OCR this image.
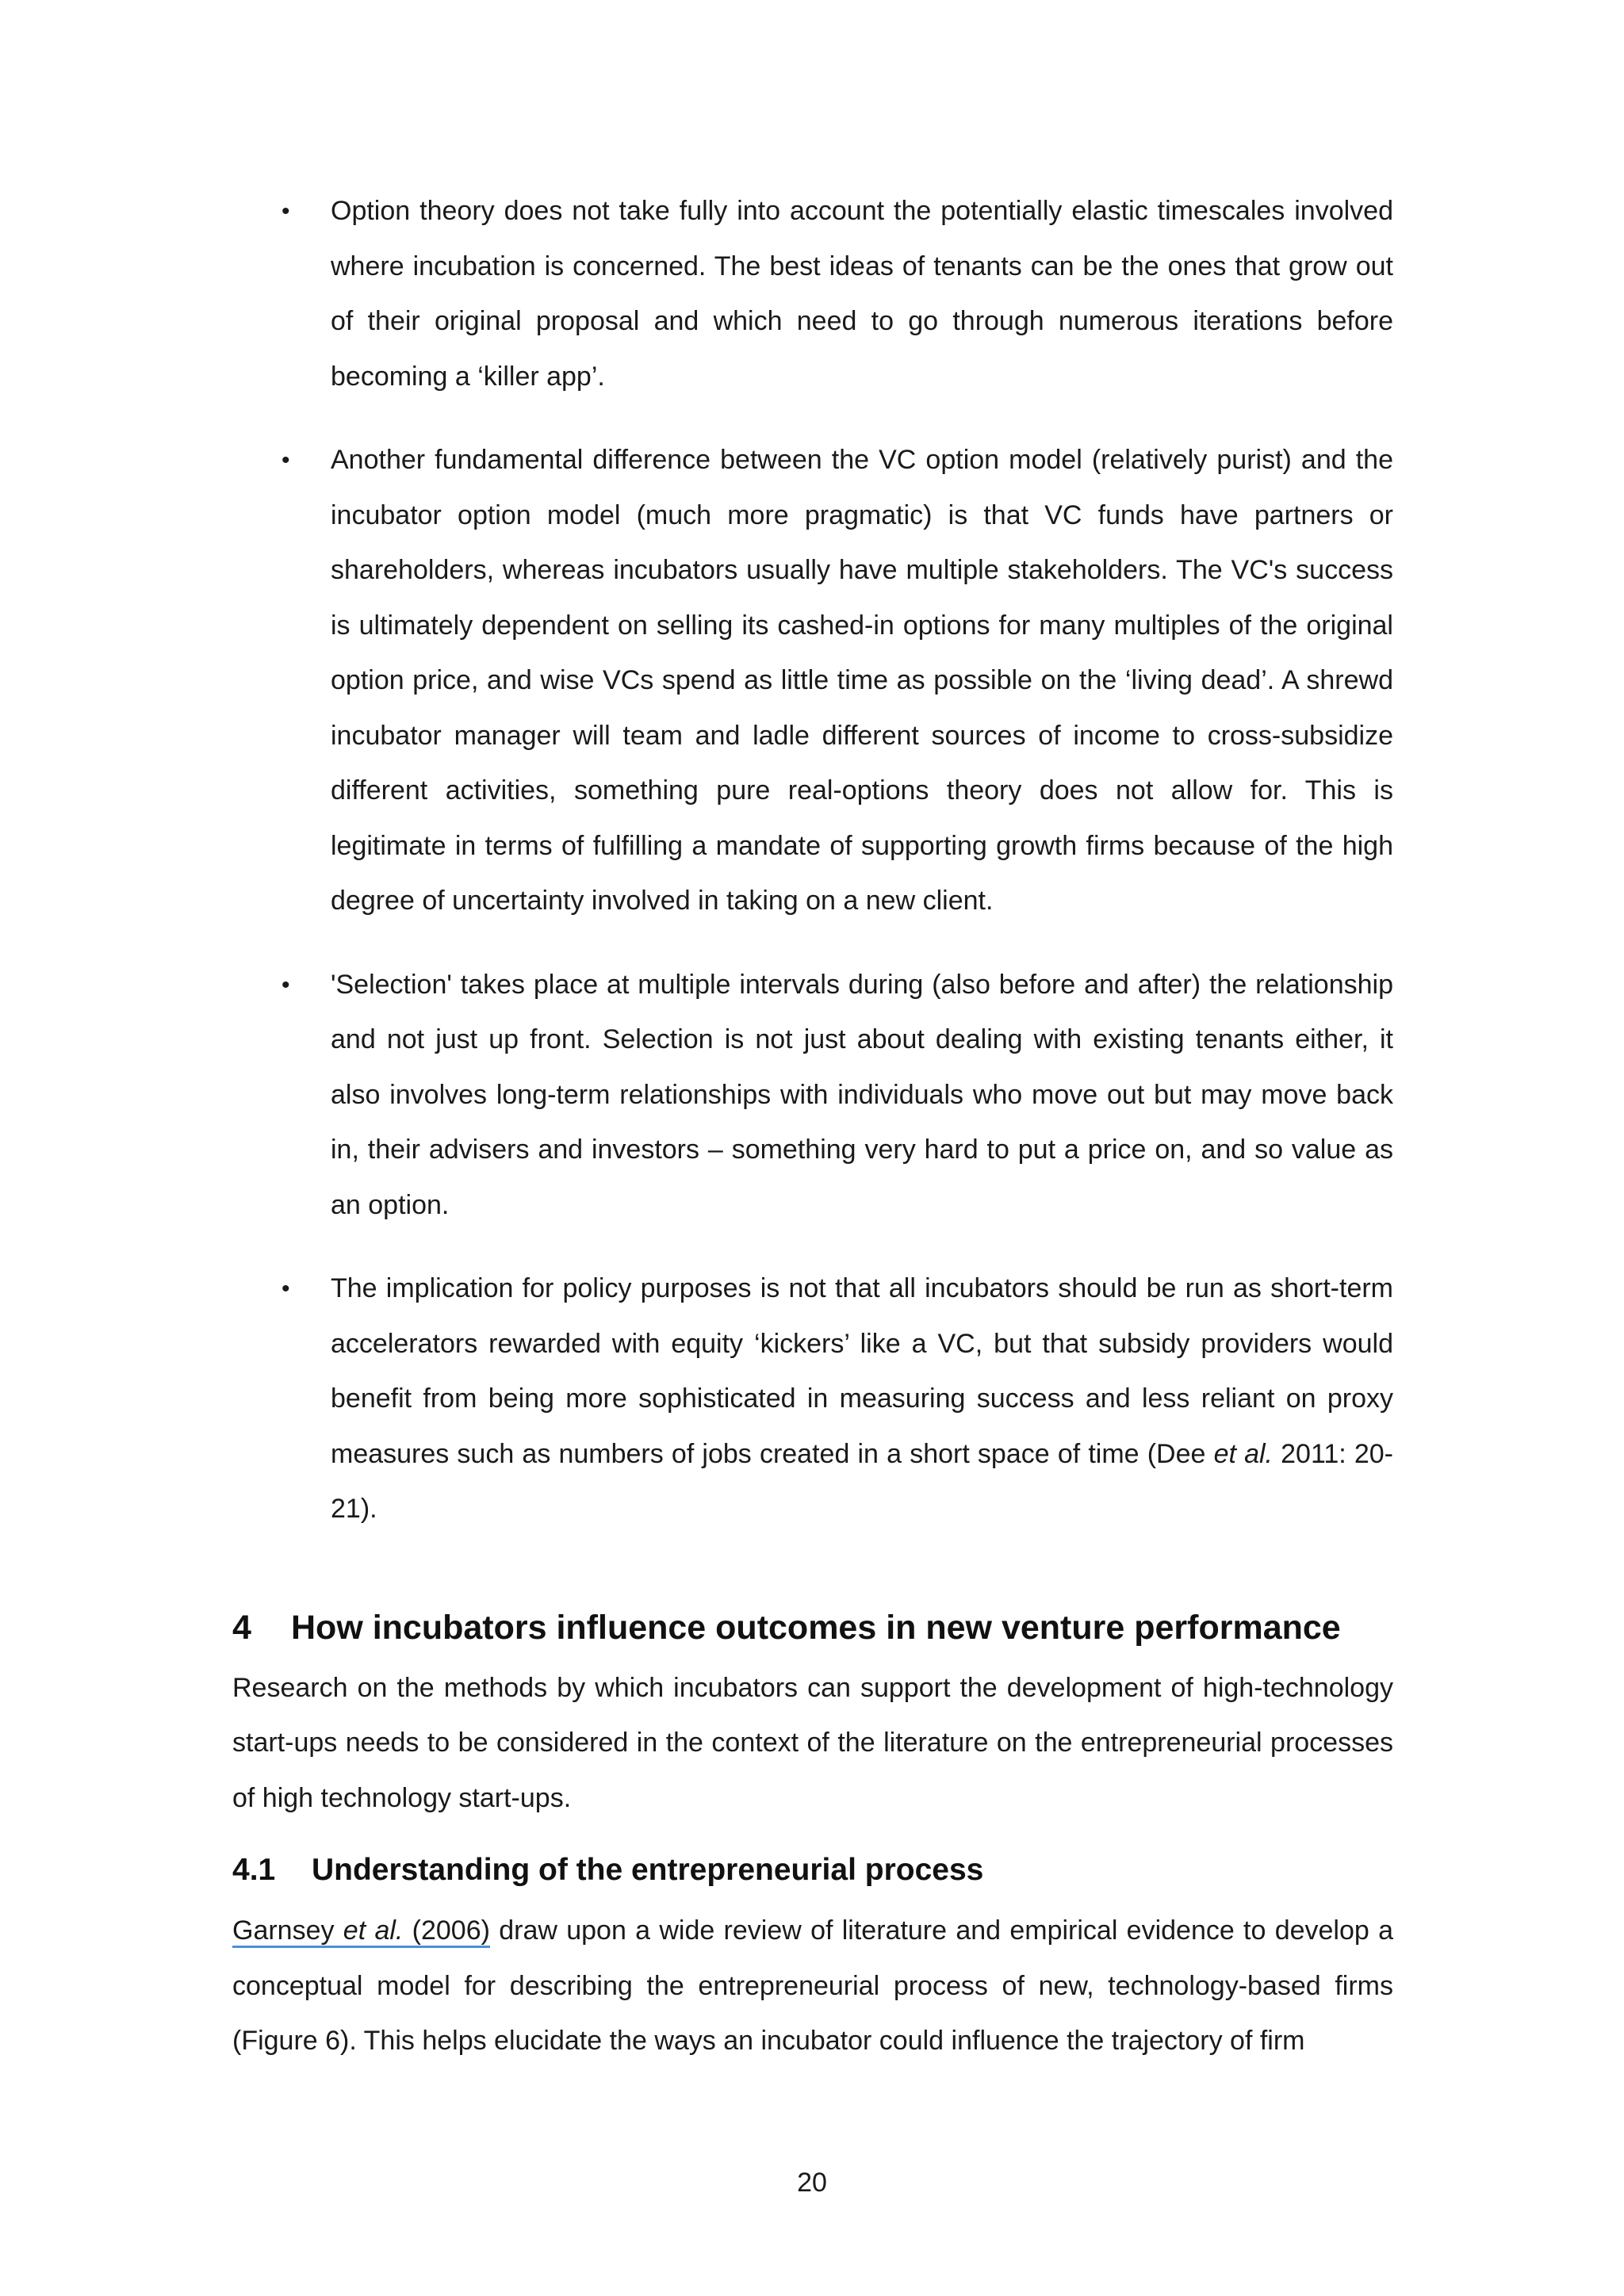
• Option theory does not take fully into account the potentially elastic timescales involved where incubation is concerned. The best ideas of tenants can be the ones that grow out of their original proposal and which need to go through numerous iterations before becoming a ‘killer app’.
• Another fundamental difference between the VC option model (relatively purist) and the incubator option model (much more pragmatic) is that VC funds have partners or shareholders, whereas incubators usually have multiple stakeholders. The VC's success is ultimately dependent on selling its cashed-in options for many multiples of the original option price, and wise VCs spend as little time as possible on the ‘living dead’. A shrewd incubator manager will team and ladle different sources of income to cross-subsidize different activities, something pure real-options theory does not allow for. This is legitimate in terms of fulfilling a mandate of supporting growth firms because of the high degree of uncertainty involved in taking on a new client.
• 'Selection' takes place at multiple intervals during (also before and after) the relationship and not just up front. Selection is not just about dealing with existing tenants either, it also involves long-term relationships with individuals who move out but may move back in, their advisers and investors – something very hard to put a price on, and so value as an option.
• The implication for policy purposes is not that all incubators should be run as short-term accelerators rewarded with equity ‘kickers’ like a VC, but that subsidy providers would benefit from being more sophisticated in measuring success and less reliant on proxy measures such as numbers of jobs created in a short space of time (Dee et al. 2011: 20-21).
4 How incubators influence outcomes in new venture performance

Research on the methods by which incubators can support the development of high-technology start-ups needs to be considered in the context of the literature on the entrepreneurial processes of high technology start-ups.

4.1 Understanding of the entrepreneurial process

Garnsey et al. (2006) draw upon a wide review of literature and empirical evidence to develop a conceptual model for describing the entrepreneurial process of new, technology-based firms (Figure 6). This helps elucidate the ways an incubator could influence the trajectory of firm

20
